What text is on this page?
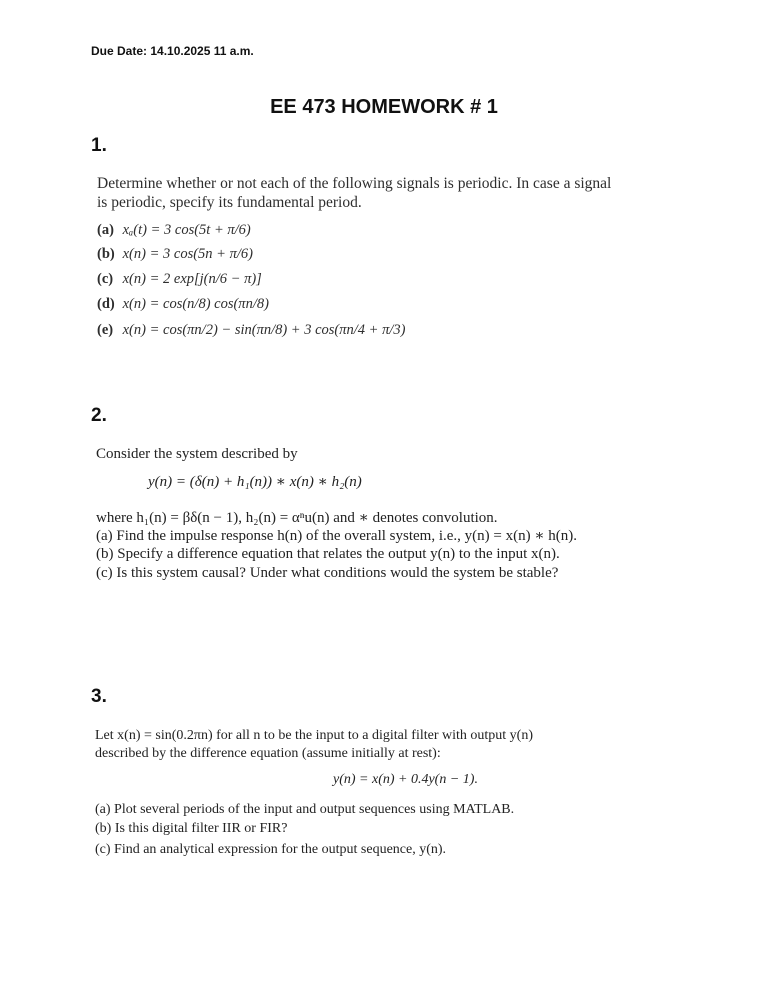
Due Date: 14.10.2025 11 a.m.
EE 473 HOMEWORK # 1
1.
Determine whether or not each of the following signals is periodic. In case a signal
is periodic, specify its fundamental period.
(a) xₐ(t) = 3 cos(5t + π/6)
(b) x(n) = 3 cos(5n + π/6)
(c) x(n) = 2 exp[j(n/6 − π)]
(d) x(n) = cos(n/8) cos(πn/8)
(e) x(n) = cos(πn/2) − sin(πn/8) + 3 cos(πn/4 + π/3)
2.
Consider the system described by
y(n) = (δ(n) + h₁(n)) ∗ x(n) ∗ h₂(n)
where h₁(n) = βδ(n − 1), h₂(n) = αⁿu(n) and ∗ denotes convolution.
(a) Find the impulse response h(n) of the overall system, i.e., y(n) = x(n) ∗ h(n).
(b) Specify a difference equation that relates the output y(n) to the input x(n).
(c) Is this system causal? Under what conditions would the system be stable?
3.
Let x(n) = sin(0.2πn) for all n to be the input to a digital filter with output y(n)
described by the difference equation (assume initially at rest):
y(n) = x(n) + 0.4y(n − 1).
(a) Plot several periods of the input and output sequences using MATLAB.
(b) Is this digital filter IIR or FIR?
(c) Find an analytical expression for the output sequence, y(n).
